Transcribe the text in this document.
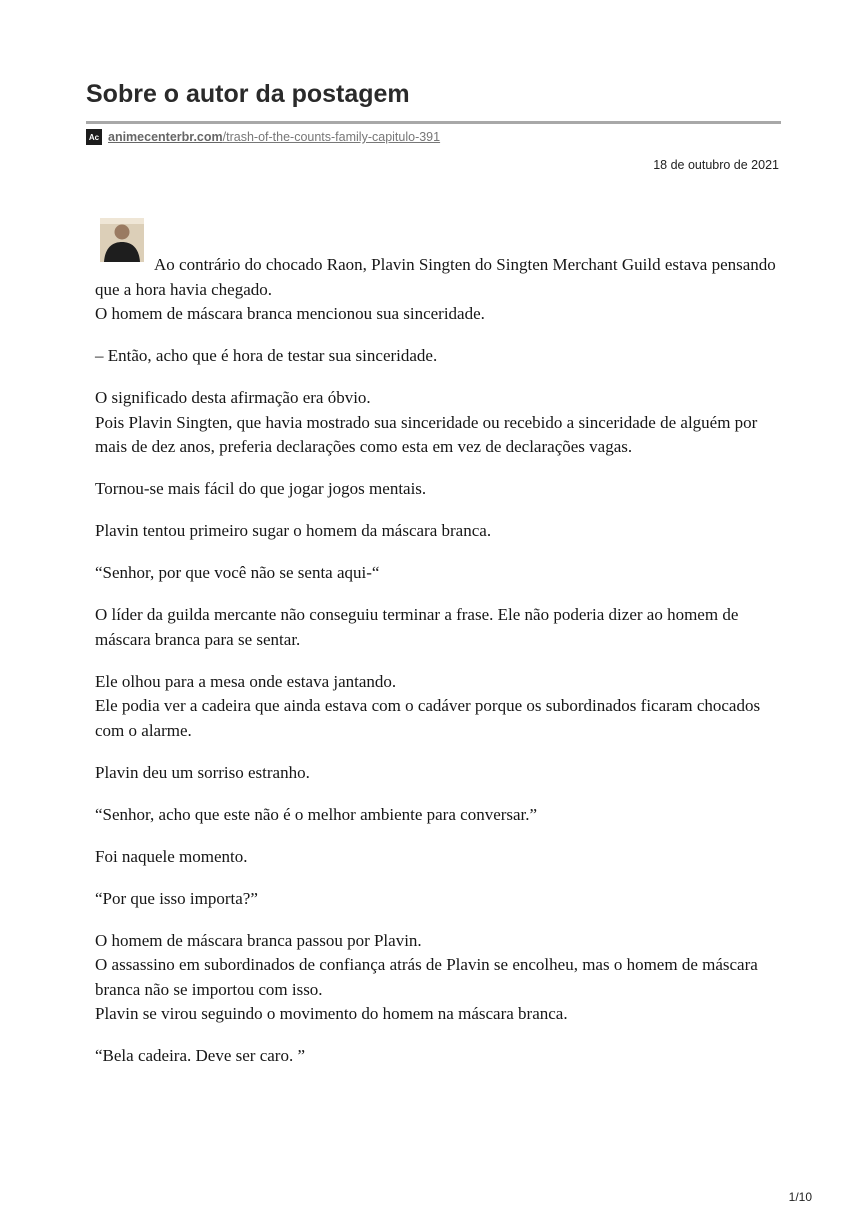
Sobre o autor da postagem
Ac animecenterbr.com /trash-of-the-counts-family-capitulo-391
18 de outubro de 2021

Ao contrário do chocado Raon, Plavin Singten do Singten Merchant Guild estava pensando que a hora havia chegado.
O homem de máscara branca mencionou sua sinceridade.

– Então, acho que é hora de testar sua sinceridade.

O significado desta afirmação era óbvio.
Pois Plavin Singten, que havia mostrado sua sinceridade ou recebido a sinceridade de alguém por mais de dez anos, preferia declarações como esta em vez de declarações vagas.

Tornou-se mais fácil do que jogar jogos mentais.

Plavin tentou primeiro sugar o homem da máscara branca.

“Senhor, por que você não se senta aqui-“

O líder da guilda mercante não conseguiu terminar a frase. Ele não poderia dizer ao homem de máscara branca para se sentar.

Ele olhou para a mesa onde estava jantando.
Ele podia ver a cadeira que ainda estava com o cadáver porque os subordinados ficaram chocados com o alarme.

Plavin deu um sorriso estranho.

“Senhor, acho que este não é o melhor ambiente para conversar.”

Foi naquele momento.

“Por que isso importa?”

O homem de máscara branca passou por Plavin.
O assassino em subordinados de confiança atrás de Plavin se encolheu, mas o homem de máscara branca não se importou com isso.
Plavin se virou seguindo o movimento do homem na máscara branca.

“Bela cadeira. Deve ser caro. ”

1/10
